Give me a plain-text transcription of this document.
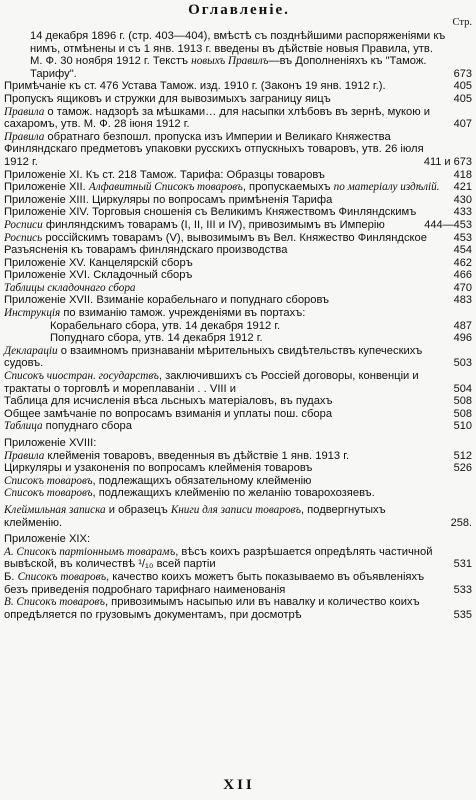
Оглавленiе.
Стр.
14 декабря 1896 г. (стр. 403—404), вмѣстѣ съ позднѣйшими распоряженiями къ нимъ, отмѣнены и съ 1 янв. 1913 г. введены въ дѣйствiе новыя Правила, утв. М. Ф. 30 ноября 1912 г. Текстъ новыхъ Правилъ—въ Дополненiяхъ къ "Тамож. Тарифу".	673
Примѣчанiе къ ст. 476 Устава Тамож. изд. 1910 г. (Законъ 19 янв. 1912 г.).	405
Пропускъ ящиковъ и стружки для вывозимыхъ заграницу яицъ	405
Правила о тамож. надзорѣ за мѣшками… для насыпки хлѣбовъ въ зернѣ, мукою и сахаромъ, утв. М. Ф. 28 iюня 1912 г.	407
Правила обратнаго безпошл. пропуска изъ Империи и Великаго Княжества Финляндскаго предметовъ упаковки русскихъ отпускныхъ товаровъ, утв. 26 iюля 1912 г.	411 и 673
Приложенiе XI. Къ ст. 218 Тамож. Тарифа: Образцы товаровъ	418
Приложенiе XII. Алфавитный Списокъ товаровъ, пропускаемыхъ по матерiалу издѣлiй. 421
Приложенiе XIII. Циркуляры по вопросамъ примѣненiя Тарифа	430
Приложенiе XIV. Торговыя сношенiя съ Великимъ Княжествомъ Финляндскимъ	433
Росписи финляндскимъ товарамъ (I, II, III и IV), привозимымъ въ Имперiю	444—453
Роспись россiйскимъ товарамъ (V), вывозимымъ въ Вел. Княжество Финляндское 453
Разъясненiя къ товарамъ финляндскаго производства	454
Приложенiе XV. Канцелярскiй сборъ	462
Приложенiе XVI. Складочный сборъ	466
Таблицы складочнаго сбора	470
Приложенiе XVII. Взиманiе корабельнаго и попуднаго сборовъ	483
Инструкцiя по взиманiю тамож. учрежденiями въ портахъ:
Корабельнаго сбора, утв. 14 декабря 1912 г.	487
Попуднаго сбора, утв. 14 декабря 1912 г.	496
Декларацiи о взаимномъ признаванiи мѣрительныхъ свидѣтельствъ купеческихъ судовъ.	503
Списокъ чиостран. государствъ, заключившихъ съ Россiей договоры, конвенцiи и трактаты о торговлѣ и мореплаванiи . . VIII и	504
Таблица для исчисленiя вѣса льсныхъ матерiаловъ, въ пудахъ	508
Общее замѣчанiе по вопросамъ взиманiя и уплаты пош. сбора	508
Таблица попуднаго сбора	510
Приложенiе XVIII:
Правила клейменiя товаровъ, введенныя въ дѣйствiе 1 янв. 1913 г.	512
Циркуляры и узаконенiя по вопросамъ клейменiя товаровъ	526
Списокъ товаровъ, подлежащихъ обязательному клейменiю
Списокъ товаровъ, подлежащихъ клейменiю по желанiю товарохозяевъ.
Клеймильная записка и образецъ Книги для записи товаровъ, подвергнутыхъ клейменiю.	258.
Приложенiе XIX:
А. Списокъ партiоннымъ товарамъ, вѣсъ коихъ разрѣшается опредѣлять частичной вывѣской, въ количествѣ ¹/₁₀ всей партiи	531
Б. Списокъ товаровъ, качество коихъ можетъ быть показываемо въ объявленiяхъ безъ приведенiя подробнаго тарифнаго наименованiя	533
В. Списокъ товаровъ, привозимымъ насыпью или въ навалку и количество коихъ опредѣляется по грузовымъ документамъ, при досмотрѣ	535
XII
